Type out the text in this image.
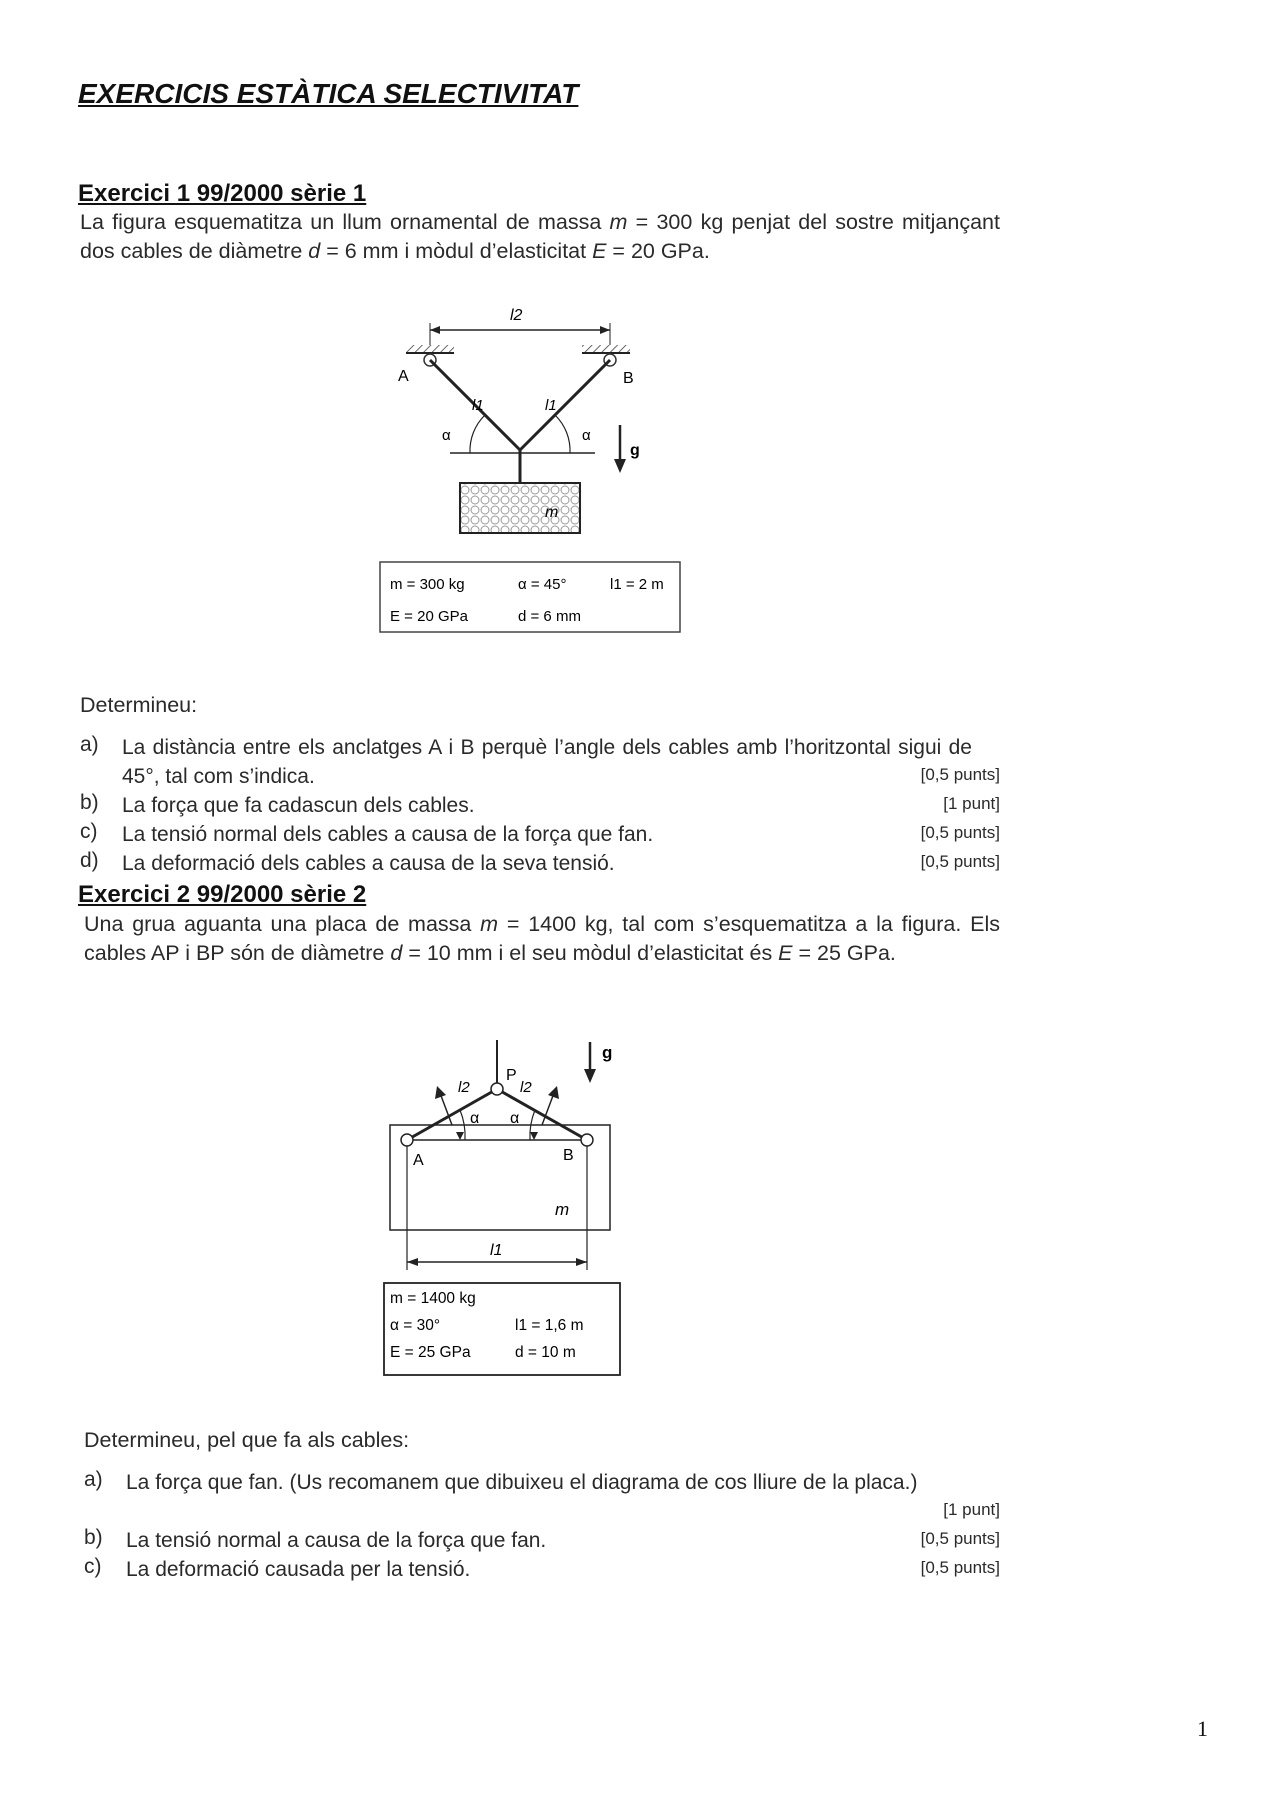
EXERCICIS ESTÀTICA SELECTIVITAT
Exercici 1 99/2000 sèrie 1
La figura esquematitza un llum ornamental de massa m = 300 kg penjat del sostre mitjançant dos cables de diàmetre d = 6 mm i mòdul d’elasticitat E = 20 GPa.
l2
A	B
l1	l1
α	α
m
g
m = 300 kg	α = 45°	l1 = 2 m
E = 20 GPa	d = 6 mm
Determineu:
a) La distància entre els anclatges A i B perquè l’angle dels cables amb l’horitzontal sigui de 45°, tal com s’indica.	[0,5 punts]
b) La força que fa cadascun dels cables.	[1 punt]
c) La tensió normal dels cables a causa de la força que fan.	[0,5 punts]
d) La deformació dels cables a causa de la seva tensió.	[0,5 punts]
Exercici 2 99/2000 sèrie 2
Una grua aguanta una placa de massa m = 1400 kg, tal com s’esquematitza a la figura. Els cables AP i BP són de diàmetre d = 10 mm i el seu mòdul d’elasticitat és E = 25 GPa.
g
P
l2	l2
α α
A	B
m
l1
m = 1400 kg
α = 30°	l1 = 1,6 m
E = 25 GPa	d = 10 m
Determineu, pel que fa als cables:
a) La força que fan. (Us recomanem que dibuixeu el diagrama de cos lliure de la placa.)
[1 punt]
b) La tensió normal a causa de la força que fan.	[0,5 punts]
c) La deformació causada per la tensió.	[0,5 punts]
1
